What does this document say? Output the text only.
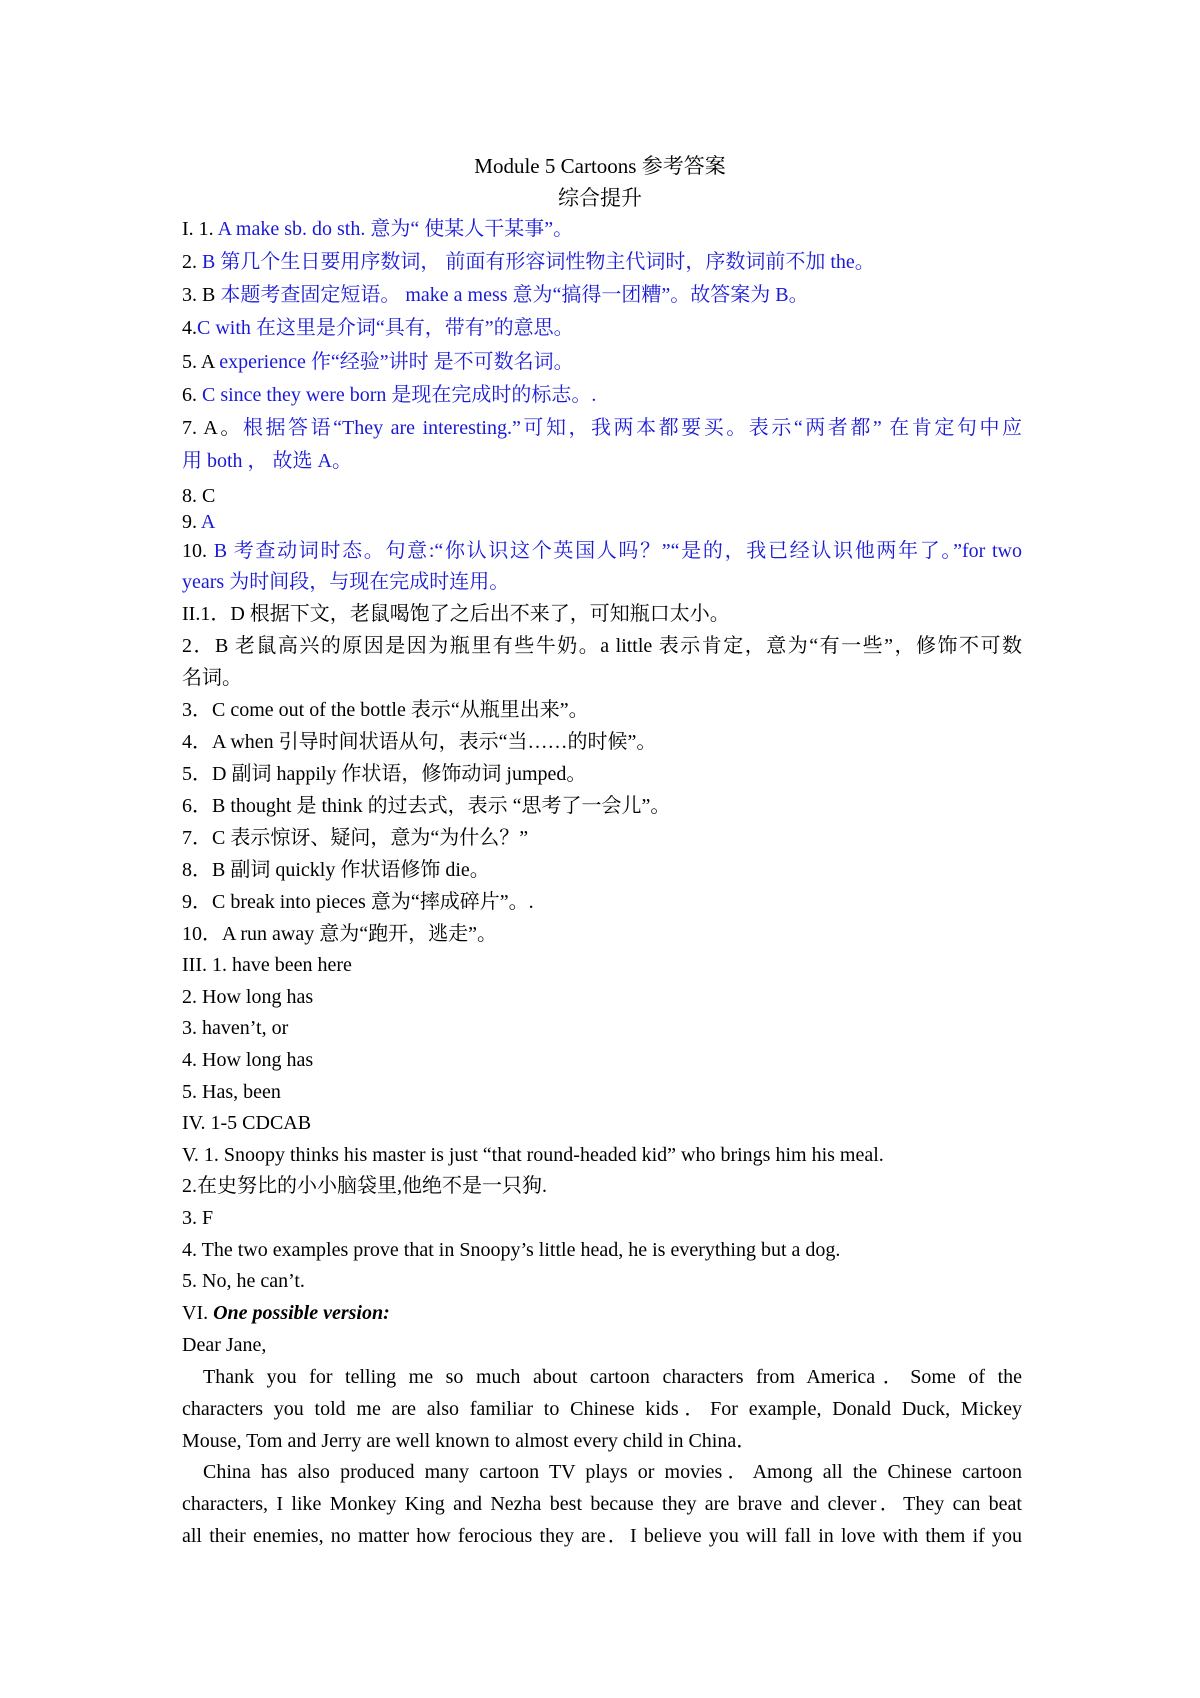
Module 5 Cartoons 参考答案
综合提升
I. 1. A make sb. do sth. 意为“ 使某人干某事”。
2. B 第几个生日要用序数词， 前面有形容词性物主代词时，序数词前不加 the。
3. B 本题考查固定短语。 make a mess 意为“搞得一团糟”。故答案为 B。
4.C with 在这里是介词“具有，带有”的意思。
5. A experience 作“经验”讲时 是不可数名词。
6. C since they were born 是现在完成时的标志。.
7. A。根据答语“They are interesting.”可知，我两本都要买。表示“两者都” 在肯定句中应
用 both ， 故选 A。
8. C
9. A
10. B 考查动词时态。句意:“你认识这个英国人吗？”“是的，我已经认识他两年了。”for two
years 为时间段，与现在完成时连用。
II.1．D 根据下文，老鼠喝饱了之后出不来了，可知瓶口太小。
2．B 老鼠高兴的原因是因为瓶里有些牛奶。a little 表示肯定，意为“有一些”，修饰不可数
名词。
3．C come out of the bottle 表示“从瓶里出来”。
4．A when 引导时间状语从句，表示“当……的时候”。
5．D 副词 happily 作状语，修饰动词 jumped。
6．B thought 是 think 的过去式，表示 “思考了一会儿”。
7．C 表示惊讶、疑问，意为“为什么？”
8．B 副词 quickly 作状语修饰 die。
9．C break into pieces 意为“摔成碎片”。.
10．A run away 意为“跑开，逃走”。
III. 1. have been here
2. How long has
3. haven’t, or
4. How long has
5. Has, been
IV. 1-5 CDCAB
V. 1. Snoopy thinks his master is just “that round-headed kid” who brings him his meal.
2.在史努比的小小脑袋里,他绝不是一只狗.
3. F
4. The two examples prove that in Snoopy’s little head, he is everything but a dog.
5. No, he can’t.
VI. One possible version:
Dear Jane,
Thank you for telling me so much about cartoon characters from America．Some of the
characters you told me are also familiar to Chinese kids．For example, Donald Duck, Mickey
Mouse, Tom and Jerry are well known to almost every child in China．
China has also produced many cartoon TV plays or movies．Among all the Chinese cartoon
characters, I like Monkey King and Nezha best because they are brave and clever．They can beat
all their enemies, no matter how ferocious they are．I believe you will fall in love with them if you
